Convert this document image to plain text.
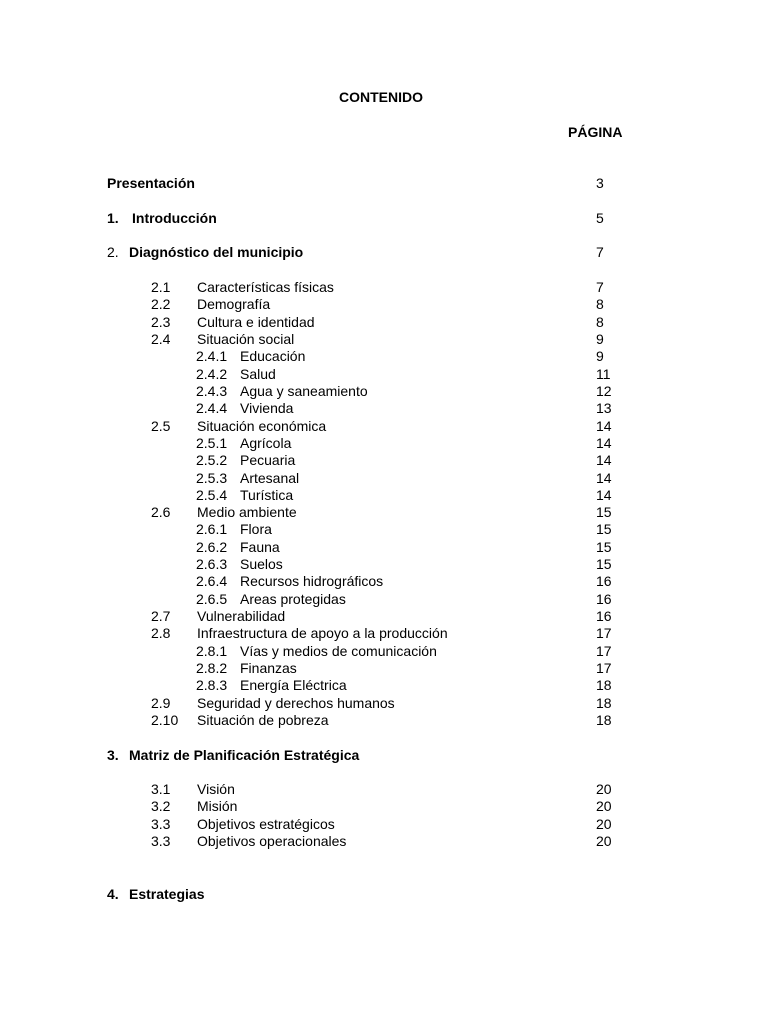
CONTENIDO
PÁGINA
Presentación	3
1. Introducción	5
2. Diagnóstico del municipio	7
2.1 Características físicas	7
2.2 Demografía	8
2.3 Cultura e identidad	8
2.4 Situación social	9
2.4.1 Educación	9
2.4.2 Salud	11
2.4.3 Agua y saneamiento	12
2.4.4 Vivienda	13
2.5 Situación económica	14
2.5.1 Agrícola	14
2.5.2 Pecuaria	14
2.5.3 Artesanal	14
2.5.4 Turística	14
2.6 Medio ambiente	15
2.6.1 Flora	15
2.6.2 Fauna	15
2.6.3 Suelos	15
2.6.4 Recursos hidrográficos	16
2.6.5 Areas protegidas	16
2.7 Vulnerabilidad	16
2.8 Infraestructura de apoyo a la producción	17
2.8.1 Vías y medios de comunicación	17
2.8.2 Finanzas	17
2.8.3 Energía Eléctrica	18
2.9 Seguridad y derechos humanos	18
2.10 Situación de pobreza	18
3. Matriz de Planificación Estratégica
3.1 Visión	20
3.2 Misión	20
3.3 Objetivos estratégicos	20
3.3 Objetivos operacionales	20
4. Estrategias
